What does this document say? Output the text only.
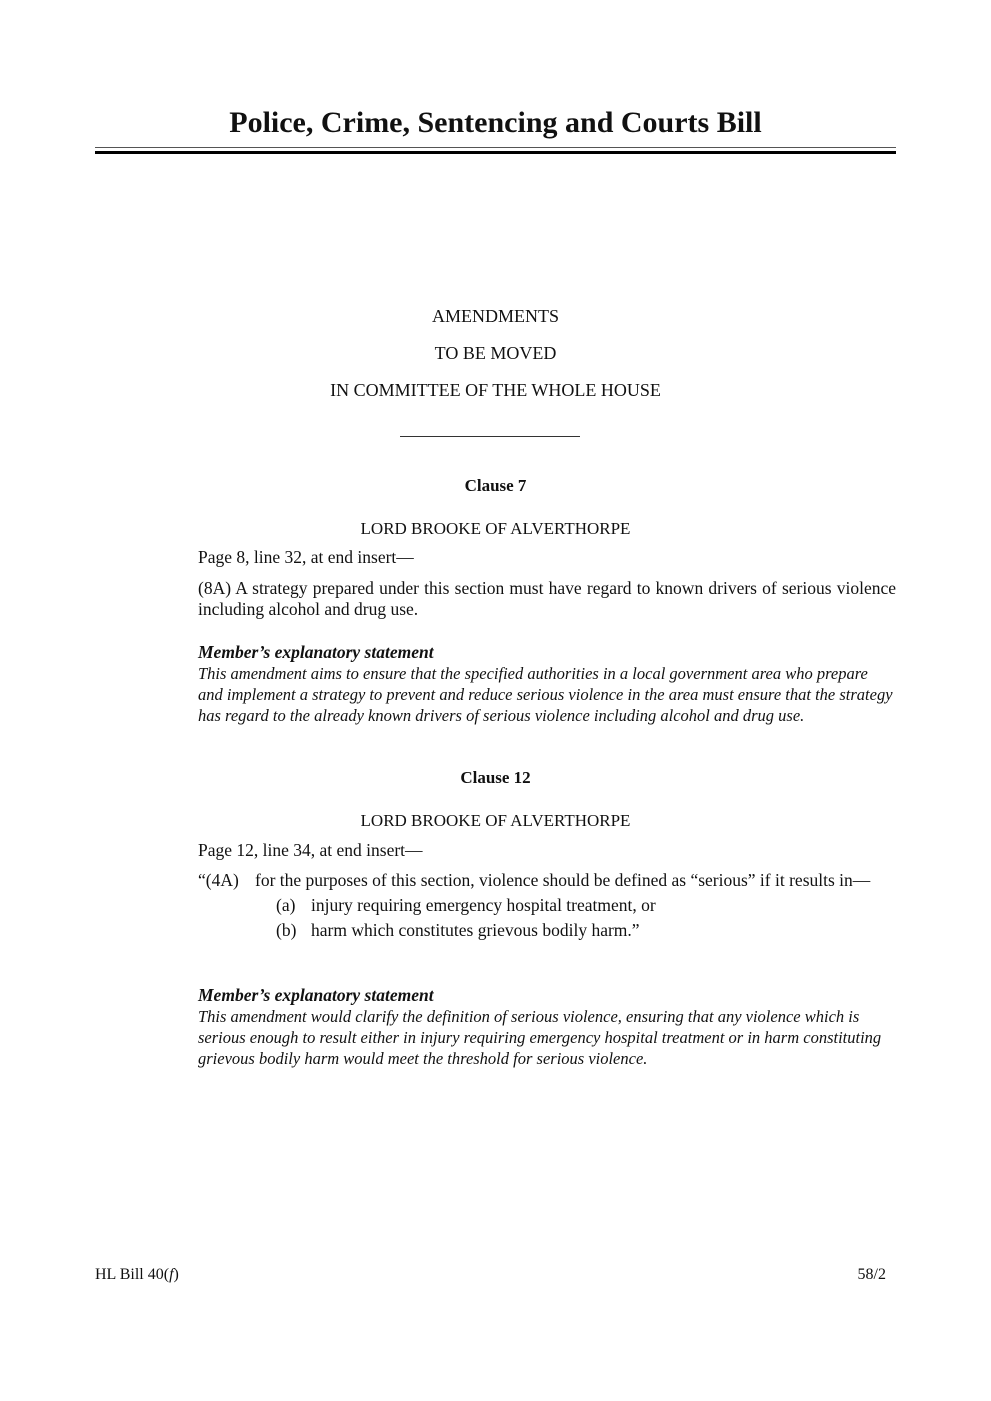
Police, Crime, Sentencing and Courts Bill
AMENDMENTS
TO BE MOVED
IN COMMITTEE OF THE WHOLE HOUSE
Clause 7
LORD BROOKE OF ALVERTHORPE
Page 8, line 32, at end insert—
(8A) A strategy prepared under this section must have regard to known drivers of serious violence including alcohol and drug use.
Member’s explanatory statement
This amendment aims to ensure that the specified authorities in a local government area who prepare and implement a strategy to prevent and reduce serious violence in the area must ensure that the strategy has regard to the already known drivers of serious violence including alcohol and drug use.
Clause 12
LORD BROOKE OF ALVERTHORPE
Page 12, line 34, at end insert—
“(4A) for the purposes of this section, violence should be defined as “serious” if it results in—
(a) injury requiring emergency hospital treatment, or
(b) harm which constitutes grievous bodily harm.”
Member’s explanatory statement
This amendment would clarify the definition of serious violence, ensuring that any violence which is serious enough to result either in injury requiring emergency hospital treatment or in harm constituting grievous bodily harm would meet the threshold for serious violence.
HL Bill 40(f)	58/2
